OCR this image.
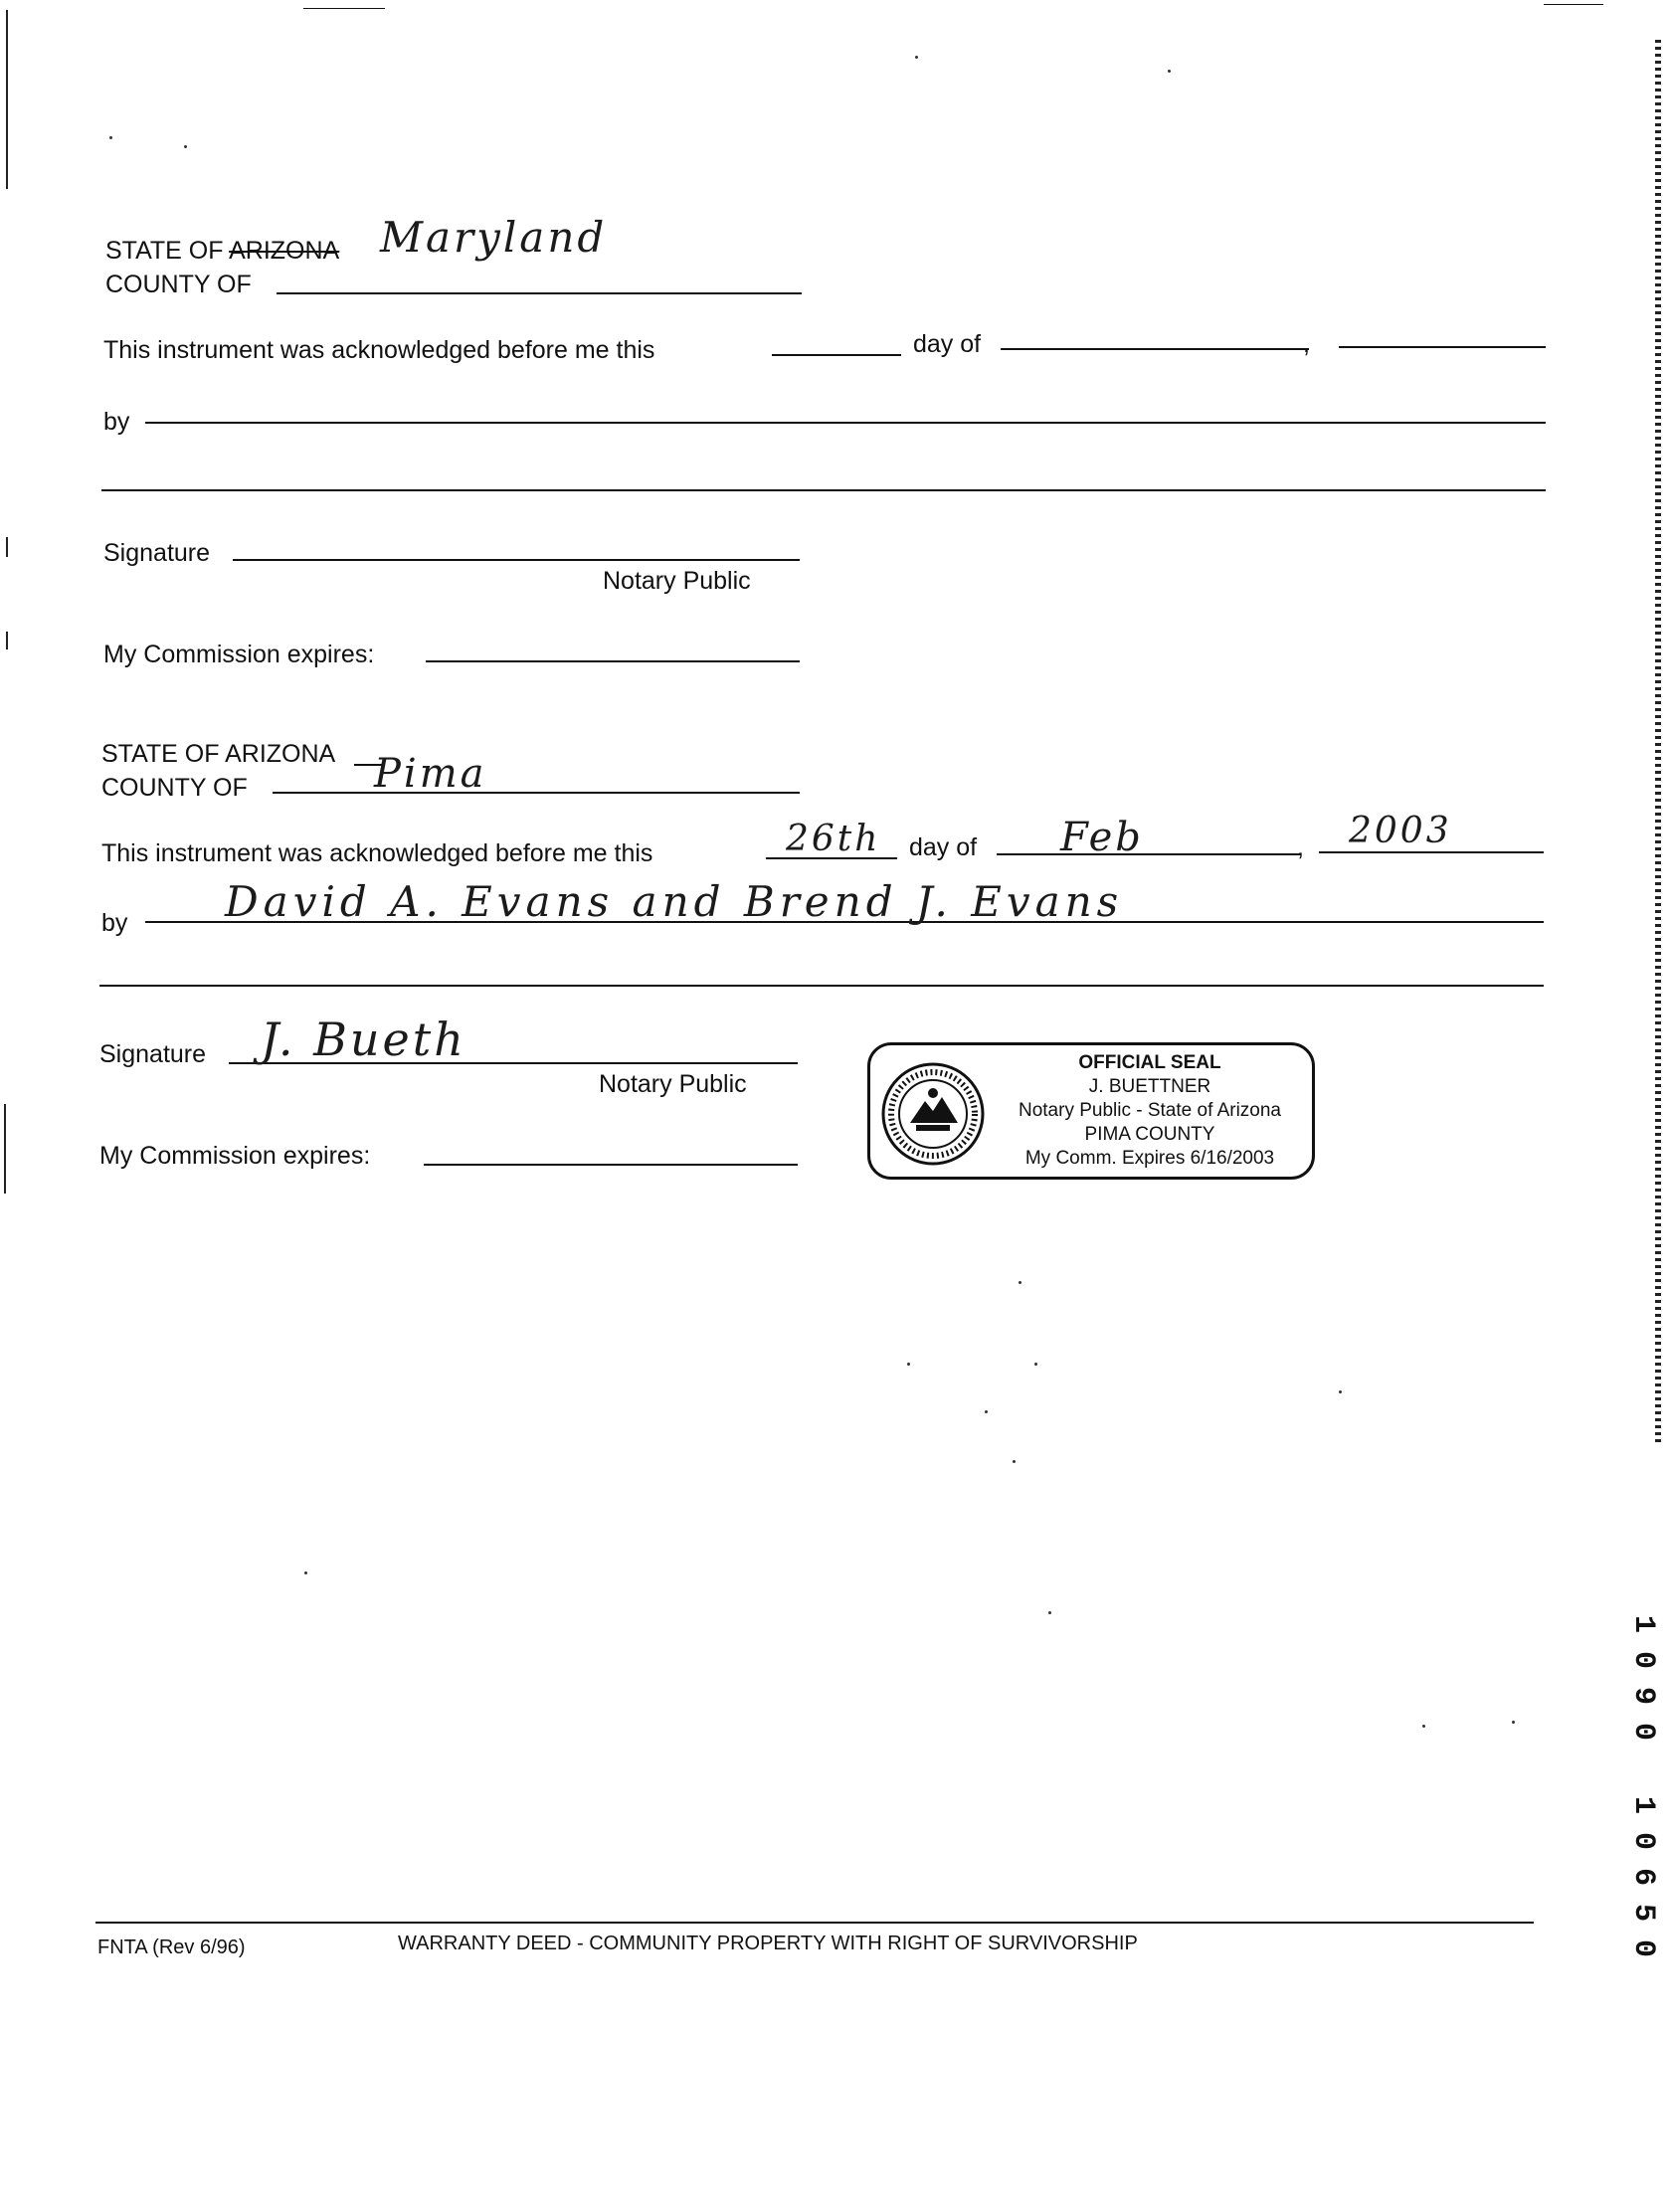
STATE OF ARIZONA Maryland
COUNTY OF
This instrument was acknowledged before me this	day of	,
by
Signature
Notary Public
My Commission expires:
STATE OF ARIZONA
COUNTY OF	Pima
This instrument was acknowledged before me this	26th day of Feb	, 2003
by David A. Evans and Brend J. Evans
Signature J. Bueth
Notary Public
My Commission expires:
OFFICIAL SEAL
J. BUETTNER
Notary Public - State of Arizona
PIMA COUNTY
My Comm. Expires 6/16/2003
FNTA (Rev 6/96)	WARRANTY DEED - COMMUNITY PROPERTY WITH RIGHT OF SURVIVORSHIP
1 0 9 0
1 0 6 5 0
